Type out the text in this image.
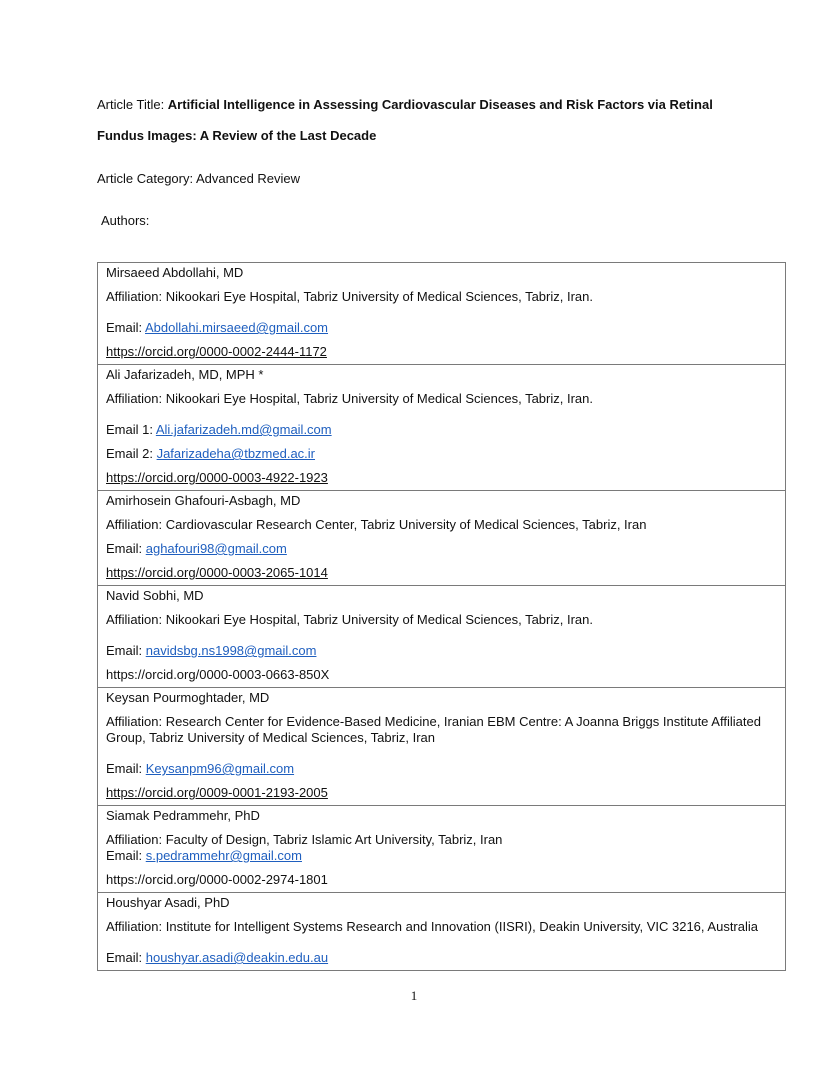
Article Title: Artificial Intelligence in Assessing Cardiovascular Diseases and Risk Factors via Retinal
Fundus Images: A Review of the Last Decade
Article Category: Advanced Review
Authors:
Mirsaeed Abdollahi, MD
Affiliation: Nikookari Eye Hospital, Tabriz University of Medical Sciences, Tabriz, Iran.
Email: Abdollahi.mirsaeed@gmail.com
https://orcid.org/0000-0002-2444-1172
Ali Jafarizadeh, MD, MPH *
Affiliation: Nikookari Eye Hospital, Tabriz University of Medical Sciences, Tabriz, Iran.
Email 1: Ali.jafarizadeh.md@gmail.com
Email 2: Jafarizadeha@tbzmed.ac.ir
https://orcid.org/0000-0003-4922-1923
Amirhosein Ghafouri-Asbagh, MD
Affiliation: Cardiovascular Research Center, Tabriz University of Medical Sciences, Tabriz, Iran
Email: aghafouri98@gmail.com
https://orcid.org/0000-0003-2065-1014
Navid Sobhi, MD
Affiliation: Nikookari Eye Hospital, Tabriz University of Medical Sciences, Tabriz, Iran.
Email: navidsbg.ns1998@gmail.com
https://orcid.org/0000-0003-0663-850X
Keysan Pourmoghtader, MD
Affiliation: Research Center for Evidence-Based Medicine, Iranian EBM Centre: A Joanna Briggs Institute Affiliated
Group, Tabriz University of Medical Sciences, Tabriz, Iran
Email: Keysanpm96@gmail.com
https://orcid.org/0009-0001-2193-2005
Siamak Pedrammehr, PhD
Affiliation: Faculty of Design, Tabriz Islamic Art University, Tabriz, Iran
Email: s.pedrammehr@gmail.com
https://orcid.org/0000-0002-2974-1801
Houshyar Asadi, PhD
Affiliation: Institute for Intelligent Systems Research and Innovation (IISRI), Deakin University, VIC 3216, Australia
Email: houshyar.asadi@deakin.edu.au
1
